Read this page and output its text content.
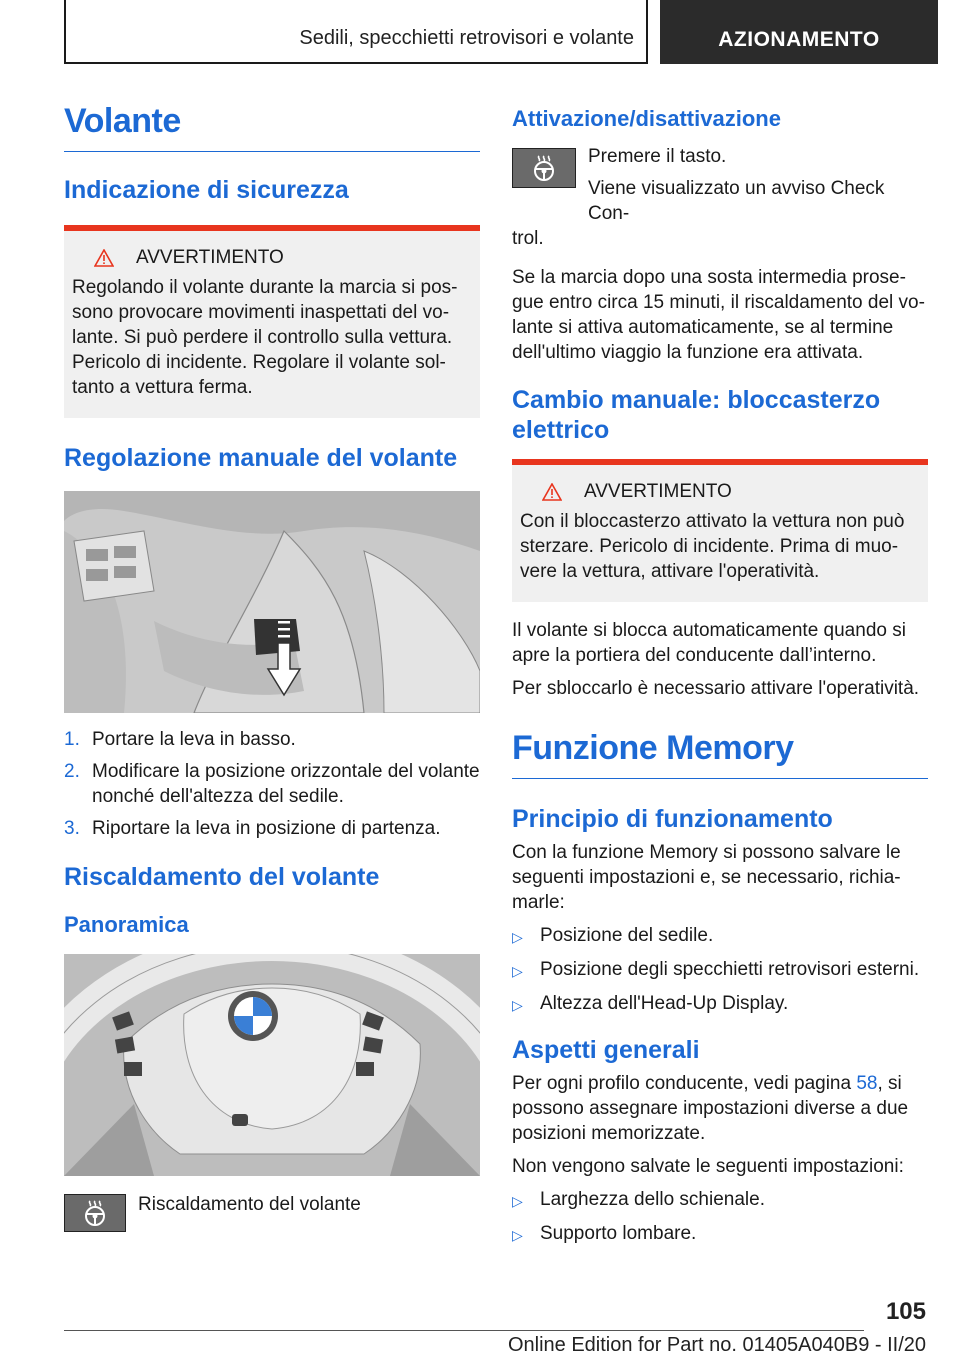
Sedili, specchietti retrovisori e volante	AZIONAMENTO
Volante
Indicazione di sicurezza
AVVERTIMENTO

Regolando il volante durante la marcia si pos-

sono provocare movimenti inaspettati del vo-

lante. Si può perdere il controllo sulla vettura.

Pericolo di incidente. Regolare il volante sol-

tanto a vettura ferma.

Regolazione manuale del volante
1. Portare la leva in basso.
2. Modificare la posizione orizzontale del volante
nonché dell'altezza del sedile.
3. Riportare la leva in posizione di partenza.
Riscaldamento del volante
Panoramica

Riscaldamento del volante

Attivazione/disattivazione

Premere il tasto.

Viene visualizzato un avviso Check Con-

trol.

Se la marcia dopo una sosta intermedia prose-

gue entro circa 15 minuti, il riscaldamento del vo-

lante si attiva automaticamente, se al termine

dell'ultimo viaggio la funzione era attivata.

Cambio manuale: bloccasterzo
elettrico
AVVERTIMENTO

Con il bloccasterzo attivato la vettura non può

sterzare. Pericolo di incidente. Prima di muo-

vere la vettura, attivare l'operatività.

Il volante si blocca automaticamente quando si

apre la portiera del conducente dall’interno.

Per sbloccarlo è necessario attivare l'operatività.

Funzione Memory
Principio di funzionamento

Con la funzione Memory si possono salvare le

seguenti impostazioni e, se necessario, richia-

marle:

▷ Posizione del sedile.
▷ Posizione degli specchietti retrovisori esterni.
▷ Altezza dell'Head-Up Display.
Aspetti generali

Per ogni profilo conducente, vedi pagina 58, si

possono assegnare impostazioni diverse a due

posizioni memorizzate.

Non vengono salvate le seguenti impostazioni:

▷ Larghezza dello schienale.
▷ Supporto lombare.
105
Online Edition for Part no. 01405A040B9 - II/20
